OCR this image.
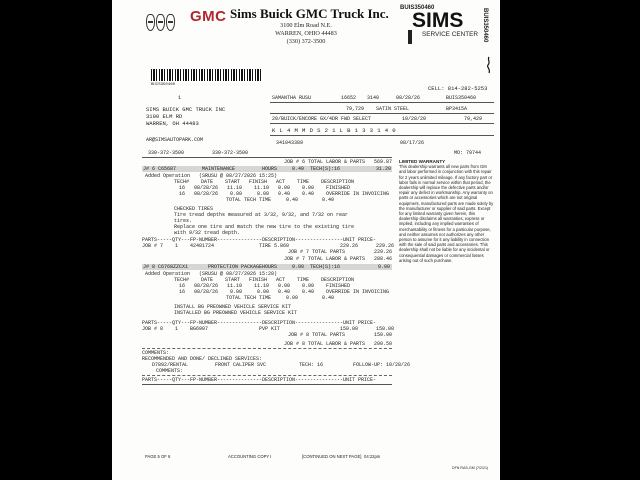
GMC Sims Buick GMC Truck Inc.
3100 Elm Road N.E.
WARREN, OHIO 44483
(330) 372-3500
BUIS350460
SIMS
SERVICE CENTER BUIS350460
BUIS350460	CELL: 814-282-5253
1	SAMANTHA RUSU	16652 3140	08/28/26	BUIS350460
SIMS BUICK GMC TRUCK INC
3100 ELM RD
WARREN, OH 44483
79,729 SATIN STEEL	BP3415A
20/BUICK/ENCORE GX/4DR FWD SELECT	10/28/20	79,429
K L 4 M M D S 2 1 L B 1 3 3 1 4 0
AR@SIMSAUTOPARK.COM	341043389	08/17/26
330-372-3500	330-372-3500	MO: 79744
JOB # 6 TOTAL LABOR & PARTS 569.87
J# 6 C65687	MAINTENANCE	HOURS     0.40  TECH(S):16	31.20
Added Operation   (SRUSU @ 08/27/2026 15:25)
TECH#    DATE    START   FINISH   ACT    TIME    DESCRIPTION
16   08/28/26   11.10    11.10   0.00    0.00    FINISHED
16   08/28/26    0.00     0.00   0.40    0.40    OVERRIDE IN INVOICING
TOTAL TECH TIME     0.40        0.40
CHECKED TIRES
Tire tread depths measured at 3/32, 9/32, and 7/32 on rear
tires.
Replace one tire and match the new tire to the existing tire
with 9/32 tread depth.
PARTS-----QTY---FP-NUMBER---------------DESCRIPTION----------------UNIT PRICE-
JOB # 7    1    42481724               TIRE 5.860                 229.26      229.26
JOB # 7 TOTAL PARTS	229.26
JOB # 7 TOTAL LABOR & PARTS 288.46
J# 8 C6768ZZCX1	PROTECTION PACKAGE HOURS     0.00  TECH(S):16	0.00
Added Operation   (SRUSU @ 08/27/2026 15:28)
TECH#    DATE    START   FINISH   ACT    TIME    DESCRIPTION
16   08/28/26   11.10    11.10   0.00    0.00    FINISHED
16   08/28/26    0.00     0.00   0.40    0.40    OVERRIDE IN INVOICING
TOTAL TECH TIME     0.00        0.40
INSTALL BG PREOWNED VEHICLE SERVICE KIT
INSTALLED BG PREOWNED VEHICLE SERVICE KIT
PARTS-----QTY---FP-NUMBER---------------DESCRIPTION----------------UNIT PRICE-
JOB # 8    1    BG6907                 PVP KIT                    150.00      150.00
JOB # 8 TOTAL PARTS	150.00
JOB # 8 TOTAL LABOR & PARTS 200.50
COMMENTS:
RECOMMENDED AND DONE/ DECLINED SERVICES:
D7892/RENTAL         FRONT CALIPER SVC           TECH: 16          FOLLOW-UP: 10/28/26
COMMENTS:
PARTS-----QTY---FP-NUMBER---------------DESCRIPTION----------------UNIT PRICE-
LIMITED WARRANTY
This dealership warrants all new parts from GM and labor performed in conjunction with this repair for 2 years unlimited mileage. If any factory part or labor fails in normal service within that period, the dealership will replace the defective parts and/or repair any defect in workmanship. Any warranty on parts or accessories which are not original equipment, manufactured parts are made solely by the manufacturer or supplier of said parts. Except for any limited warranty given herein, this dealership disclaims all warranties, express or implied, including any implied warranties of merchantability or fitness for a particular purpose, and neither assumes nor authorizes any other person to assume for it any liability in connection with the sale of said parts and accessories. This dealership shall not be liable for any incidental or consequential damages or commercial losses arising out of such purchase.
PAGE 5 OF 6	ACCOUNTING COPY I	[CONTINUED ON NEXT PAGE] 04:22pm
DFN RAS-GM (7/2/21)
